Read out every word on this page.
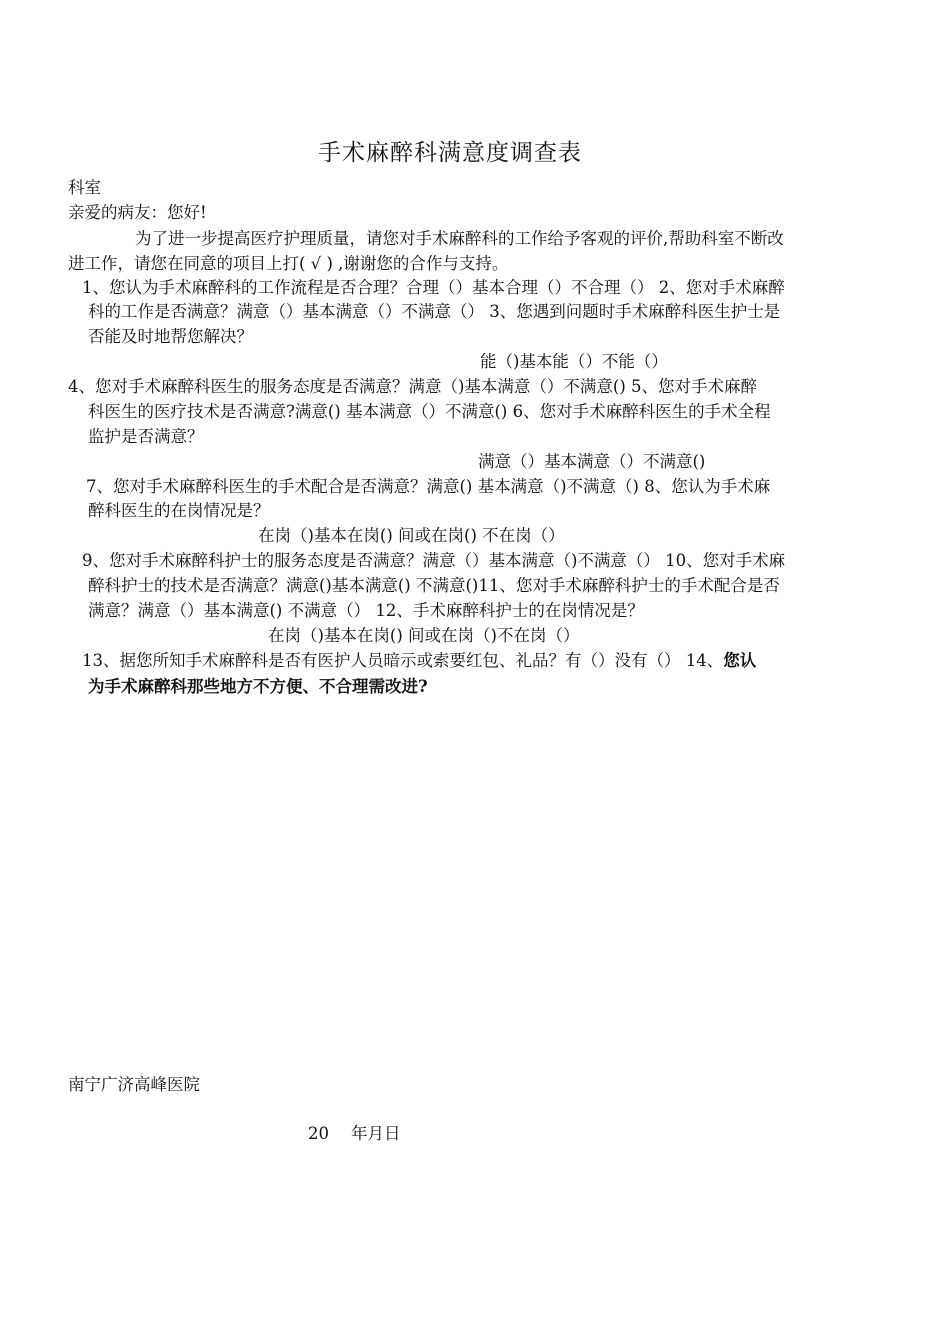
手术麻醉科满意度调查表
科室
亲爱的病友：您好!
为了进一步提高医疗护理质量，请您对手术麻醉科的工作给予客观的评价,帮助科室不断改
进工作，请您在同意的项目上打( √ ) ,谢谢您的合作与支持。
1、您认为手术麻醉科的工作流程是否合理？合理（）基本合理（）不合理（） 2、您对手术麻醉
科的工作是否满意？满意（）基本满意（）不满意（） 3、您遇到问题时手术麻醉科医生护士是
否能及时地帮您解决？
能（)基本能（）不能（）
4、您对手术麻醉科医生的服务态度是否满意？满意（)基本满意（）不满意() 5、您对手术麻醉
科医生的医疗技术是否满意?满意() 基本满意（）不满意() 6、您对手术麻醉科医生的手术全程
监护是否满意？
满意（）基本满意（）不满意()
7、您对手术麻醉科医生的手术配合是否满意？满意() 基本满意（)不满意（) 8、您认为手术麻
醉科医生的在岗情况是？
在岗（)基本在岗() 间或在岗() 不在岗（）
9、您对手术麻醉科护士的服务态度是否满意？满意（）基本满意（)不满意（） 10、您对手术麻
醉科护士的技术是否满意？满意()基本满意() 不满意()11、您对手术麻醉科护士的手术配合是否
满意？满意（）基本满意() 不满意（） 12、手术麻醉科护士的在岗情况是？
在岗（)基本在岗() 间或在岗（)不在岗（）
13、据您所知手术麻醉科是否有医护人员暗示或索要红包、礼品？有（）没有（） 14、您认
为手术麻醉科那些地方不方便、不合理需改进?
南宁广济高峰医院
20 年月日
